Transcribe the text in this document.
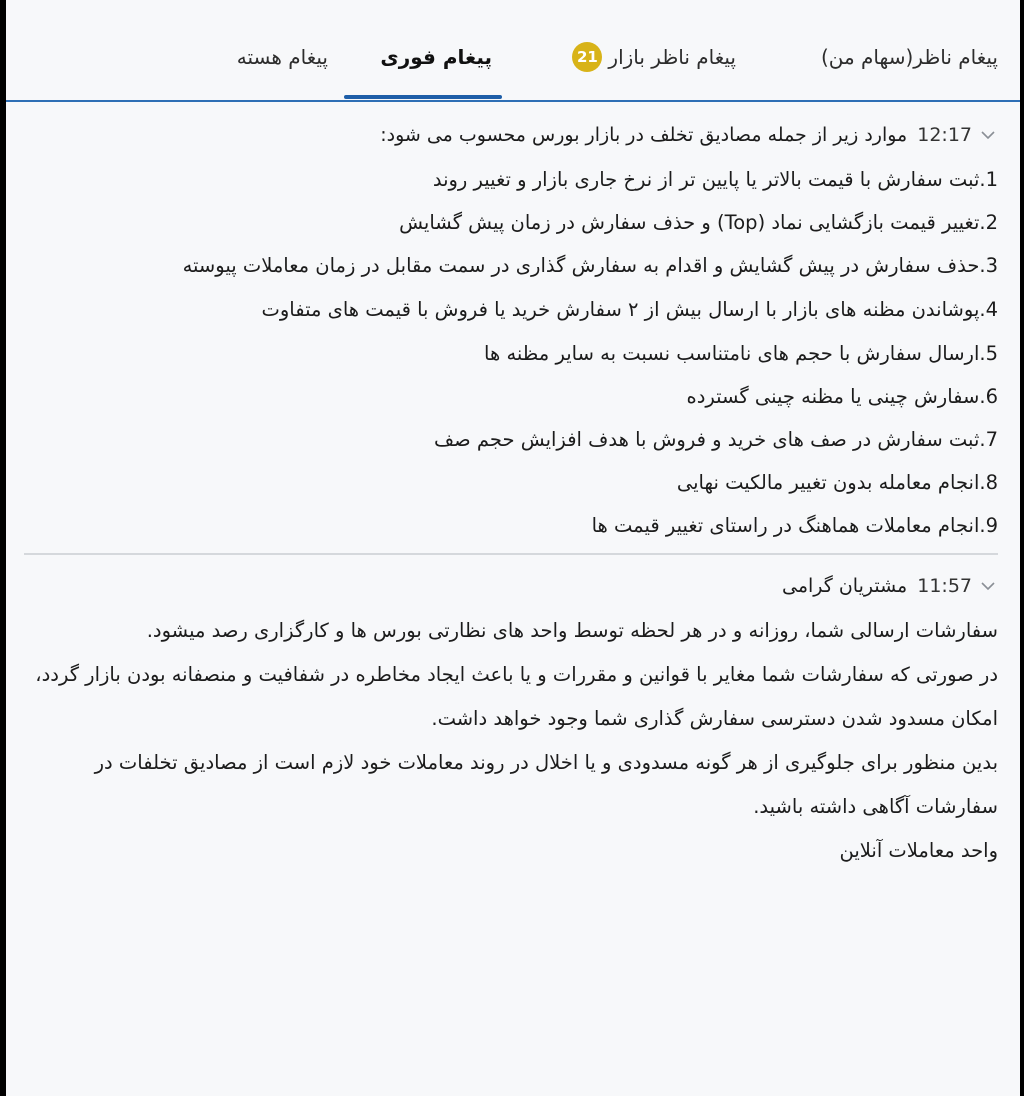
پیغام ناظر(سهام من)
پیغام ناظر بازار
21
پیغام فوری
پیغام هسته
12:17
موارد زیر از جمله مصادیق تخلف در بازار بورس محسوب می شود:
1.ثبت سفارش با قیمت بالاتر یا پایین تر از نرخ جاری بازار و تغییر روند
2.تغییر قیمت بازگشایی نماد (Top) و حذف سفارش در زمان پیش گشایش
3.حذف سفارش در پیش گشایش و اقدام به سفارش گذاری در سمت مقابل در زمان معاملات پیوسته
4.پوشاندن مظنه های بازار با ارسال بیش از ۲ سفارش خرید یا فروش با قیمت های متفاوت
5.ارسال سفارش با حجم های نامتناسب نسبت به سایر مظنه ها
6.سفارش چینی یا مظنه چینی گسترده
7.ثبت سفارش در صف های خرید و فروش با هدف افزایش حجم صف
8.انجام معامله بدون تغییر مالکیت نهایی
9.انجام معاملات هماهنگ در راستای تغییر قیمت ها
11:57
مشتریان گرامی
سفارشات ارسالی شما، روزانه و در هر لحظه توسط واحد های نظارتی بورس ها و کارگزاری رصد میشود.
در صورتی که سفارشات شما مغایر با قوانین و مقررات و یا باعث ایجاد مخاطره در شفافیت و منصفانه بودن بازار گردد، امکان مسدود شدن دسترسی سفارش گذاری شما وجود خواهد داشت.
بدین منظور برای جلوگیری از هر گونه مسدودی و یا اخلال در روند معاملات خود لازم است از مصادیق تخلفات در سفارشات آگاهی داشته باشید.
واحد معاملات آنلاین
